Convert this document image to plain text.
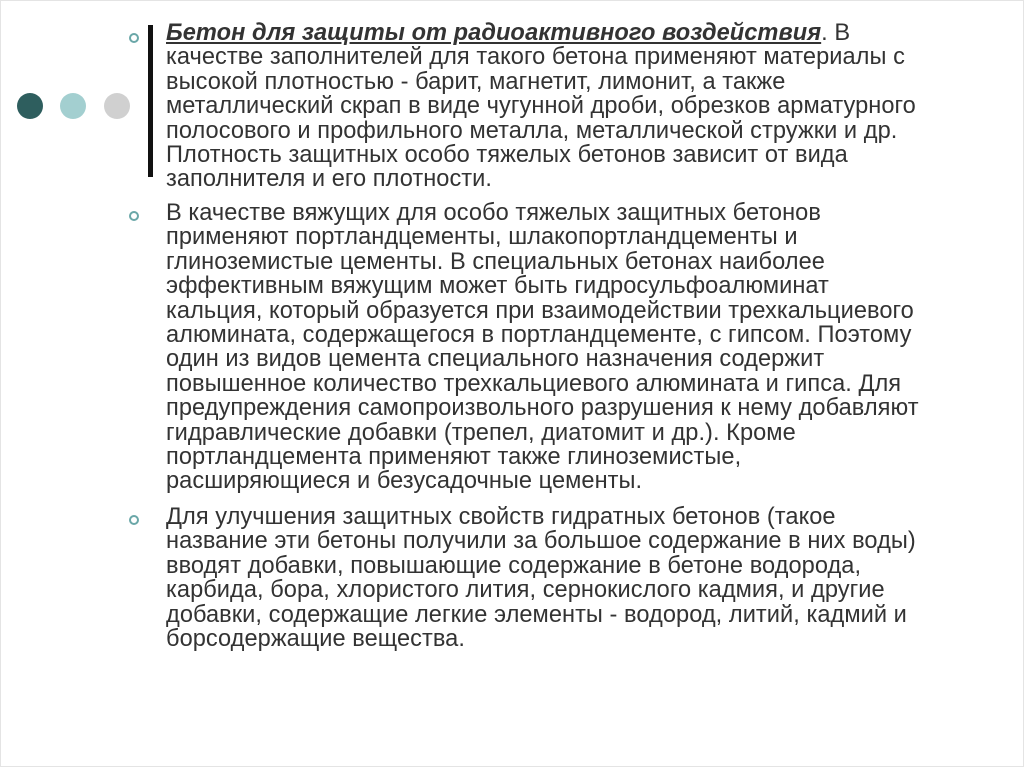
Бетон для защиты от радиоактивного воздействия. В
качестве заполнителей для такого бетона применяют материалы с
высокой плотностью - барит, магнетит, лимонит, а также
металлический скрап в виде чугунной дроби, обрезков арматурного
полосового и профильного металла, металлической стружки и др.
Плотность защитных особо тяжелых бетонов зависит от вида
заполнителя и его плотности.
В качестве вяжущих для особо тяжелых защитных бетонов
применяют портландцементы, шлакопортландцементы и
глиноземистые цементы. В специальных бетонах наиболее
эффективным вяжущим может быть гидросульфоалюминат
кальция, который образуется при взаимодействии трехкальциевого
алюмината, содержащегося в портландцементе, с гипсом. Поэтому
один из видов цемента специального назначения содержит
повышенное количество трехкальциевого алюмината и гипса. Для
предупреждения самопроизвольного разрушения к нему добавляют
гидравлические добавки (трепел, диатомит и др.). Кроме
портландцемента применяют также глиноземистые,
расширяющиеся и безусадочные цементы.
Для улучшения защитных свойств гидратных бетонов (такое
название эти бетоны получили за большое содержание в них воды)
вводят добавки, повышающие содержание в бетоне водорода,
карбида, бора, хлористого лития, сернокислого кадмия, и другие
добавки, содержащие легкие элементы - водород, литий, кадмий и
борсодержащие вещества.
